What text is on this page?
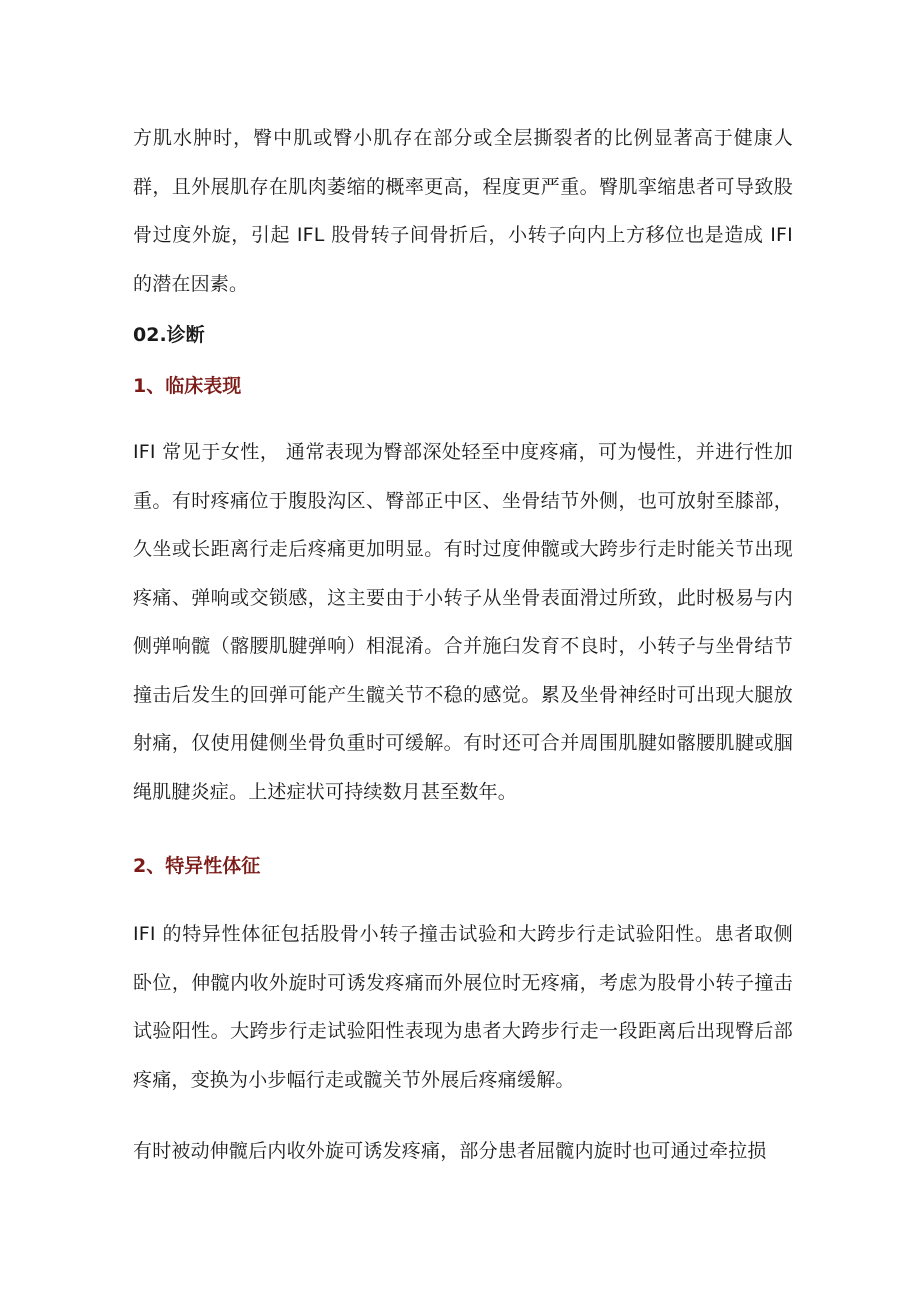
方肌水肿时，臀中肌或臀小肌存在部分或全层撕裂者的比例显著高于健康人群，且外展肌存在肌肉萎缩的概率更高，程度更严重。臀肌挛缩患者可导致股骨过度外旋，引起 IFL 股骨转子间骨折后，小转子向内上方移位也是造成 IFI 的潜在因素。

02.诊断
1、临床表现

IFI 常见于女性， 通常表现为臀部深处轻至中度疼痛，可为慢性，并进行性加重。有时疼痛位于腹股沟区、臀部正中区、坐骨结节外侧，也可放射至膝部，久坐或长距离行走后疼痛更加明显。有时过度伸髋或大跨步行走时能关节出现疼痛、弹响或交锁感，这主要由于小转子从坐骨表面滑过所致，此时极易与内侧弹响髋（髂腰肌腱弹响）相混淆。合并施臼发育不良时，小转子与坐骨结节撞击后发生的回弹可能产生髋关节不稳的感觉。累及坐骨神经时可出现大腿放射痛，仅使用健侧坐骨负重时可缓解。有时还可合并周围肌腱如髂腰肌腱或腘绳肌腱炎症。上述症状可持续数月甚至数年。

2、特异性体征

IFI 的特异性体征包括股骨小转子撞击试验和大跨步行走试验阳性。患者取侧卧位，伸髋内收外旋时可诱发疼痛而外展位时无疼痛，考虑为股骨小转子撞击试验阳性。大跨步行走试验阳性表现为患者大跨步行走一段距离后出现臀后部疼痛，变换为小步幅行走或髋关节外展后疼痛缓解。

有时被动伸髋后内收外旋可诱发疼痛，部分患者屈髋内旋时也可通过牵拉损
